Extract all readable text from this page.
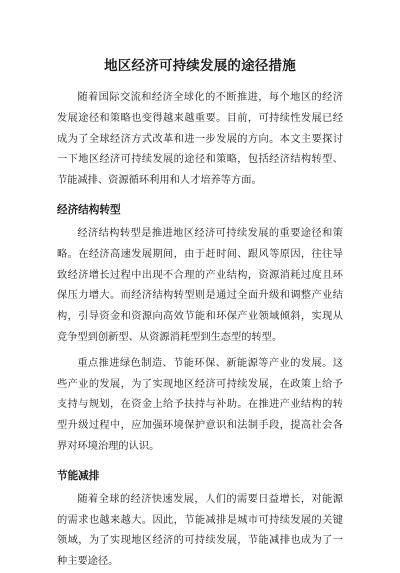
地区经济可持续发展的途径措施

随着国际交流和经济全球化的不断推进，每个地区的经济发展途径和策略也变得越来越重要。目前，可持续性发展已经成为了全球经济方式改革和进一步发展的方向。本文主要探讨一下地区经济可持续发展的途径和策略，包括经济结构转型、节能减排、资源循环利用和人才培养等方面。

经济结构转型

经济结构转型是推进地区经济可持续发展的重要途径和策略。在经济高速发展期间，由于赶时间、跟风等原因，往往导致经济增长过程中出现不合理的产业结构，资源消耗过度且环保压力增大。而经济结构转型则是通过全面升级和调整产业结构，引导资金和资源向高效节能和环保产业领域倾斜，实现从竞争型到创新型、从资源消耗型到生态型的转型。

重点推进绿色制造、节能环保、新能源等产业的发展。这些产业的发展，为了实现地区经济可持续发展，在政策上给予支持与规划，在资金上给予扶持与补助。在推进产业结构的转型升级过程中，应加强环境保护意识和法制手段，提高社会各界对环境治理的认识。

节能减排

随着全球的经济快速发展，人们的需要日益增长，对能源的需求也越来越大。因此，节能减排是城市可持续发展的关键领域，为了实现地区经济的可持续发展，节能减排也成为了一种主要途径。
